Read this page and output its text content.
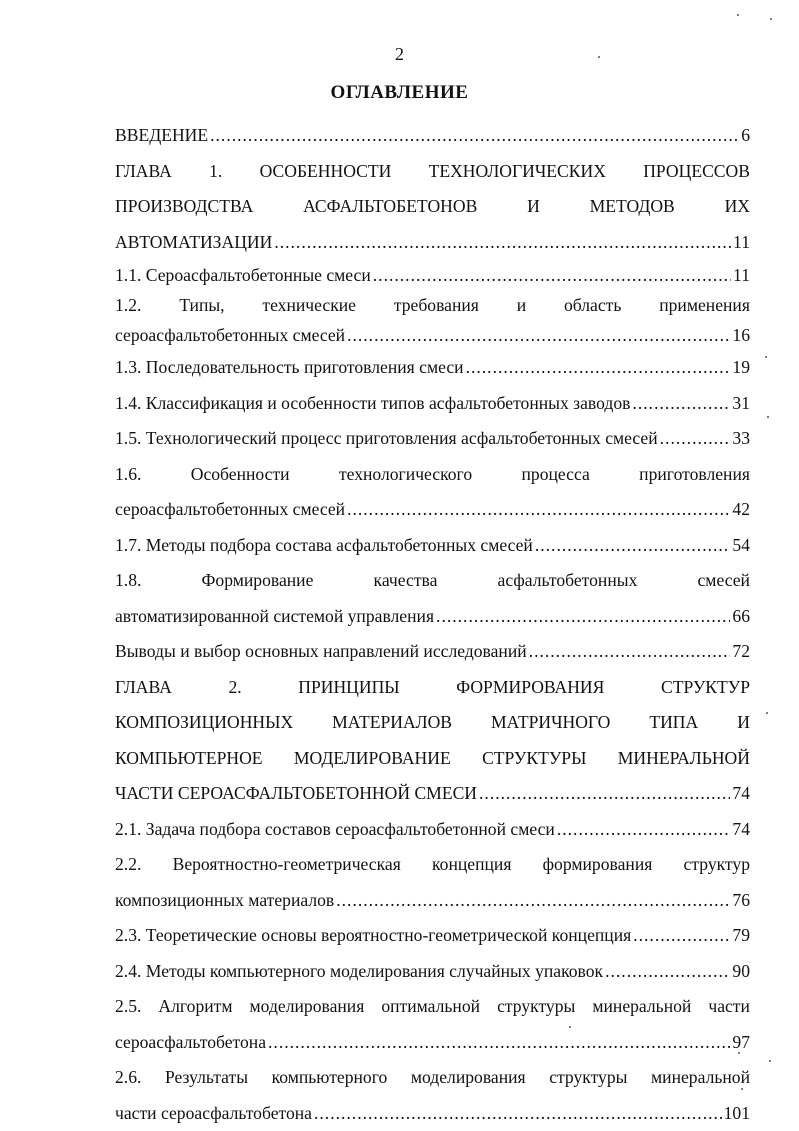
2
ОГЛАВЛЕНИЕ
ВВЕДЕНИЕ .....	6
ГЛАВА 1. ОСОБЕННОСТИ ТЕХНОЛОГИЧЕСКИХ ПРОЦЕССОВ
ПРОИЗВОДСТВА	АСФАЛЬТОБЕТОНОВ	И	МЕТОДОВ	ИХ
АВТОМАТИЗАЦИИ .....	11
1.1. Сероасфальтобетонные смеси .....	11
1.2. Типы, технические требования и область применения
сероасфальтобетонных смесей .....	16
1.3. Последовательность приготовления смеси .....	19
1.4. Классификация и особенности типов асфальтобетонных заводов .....	31
1.5. Технологический процесс приготовления асфальтобетонных смесей .....	33
1.6.	Особенности	технологического	процесса	приготовления
сероасфальтобетонных смесей .....	42
1.7. Методы подбора состава асфальтобетонных смесей .....	54
1.8.	Формирование	качества	асфальтобетонных	смесей
автоматизированной системой управления .....	66
Выводы и выбор основных направлений исследований .....	72
ГЛАВА	2.	ПРИНЦИПЫ	ФОРМИРОВАНИЯ	СТРУКТУР
КОМПОЗИЦИОННЫХ МАТЕРИАЛОВ МАТРИЧНОГО ТИПА И
КОМПЬЮТЕРНОЕ МОДЕЛИРОВАНИЕ СТРУКТУРЫ МИНЕРАЛЬНОЙ
ЧАСТИ СЕРОАСФАЛЬТОБЕТОННОЙ СМЕСИ .....	74
2.1. Задача подбора составов сероасфальтобетонной смеси .....	74
2.2. Вероятностно-геометрическая концепция формирования структур
композиционных материалов .....	76
2.3. Теоретические основы вероятностно-геометрической концепция .....	79
2.4. Методы компьютерного моделирования случайных упаковок .....	90
2.5. Алгоритм моделирования оптимальной структуры минеральной части
сероасфальтобетона .....	97
2.6. Результаты компьютерного моделирования структуры минеральной
части сероасфальтобетона .....	101
